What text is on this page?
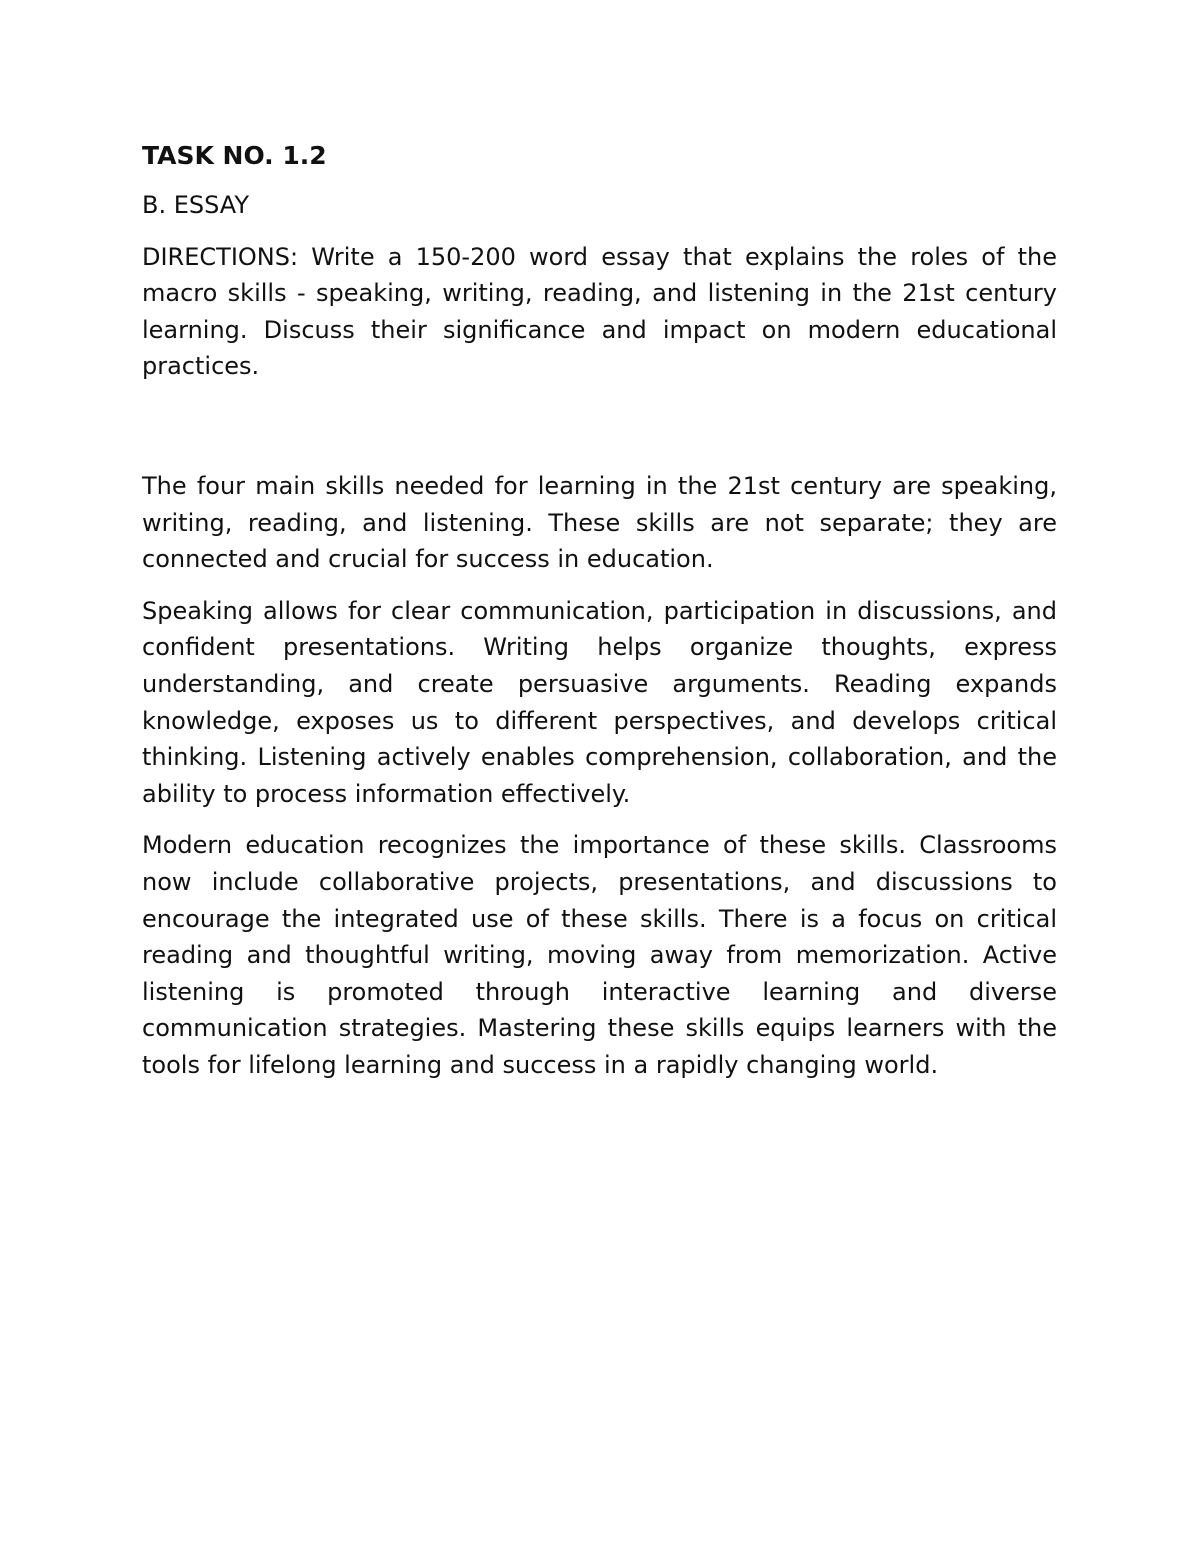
TASK NO. 1.2
B. ESSAY

DIRECTIONS: Write a 150-200 word essay that explains the roles of the macro skills - speaking, writing, reading, and listening in the 21st century learning. Discuss their significance and impact on modern educational practices.

The four main skills needed for learning in the 21st century are speaking, writing, reading, and listening. These skills are not separate; they are connected and crucial for success in education.

Speaking allows for clear communication, participation in discussions, and confident presentations. Writing helps organize thoughts, express understanding, and create persuasive arguments. Reading expands knowledge, exposes us to different perspectives, and develops critical thinking. Listening actively enables comprehension, collaboration, and the ability to process information effectively.

Modern education recognizes the importance of these skills. Classrooms now include collaborative projects, presentations, and discussions to encourage the integrated use of these skills. There is a focus on critical reading and thoughtful writing, moving away from memorization. Active listening is promoted through interactive learning and diverse communication strategies. Mastering these skills equips learners with the tools for lifelong learning and success in a rapidly changing world.
